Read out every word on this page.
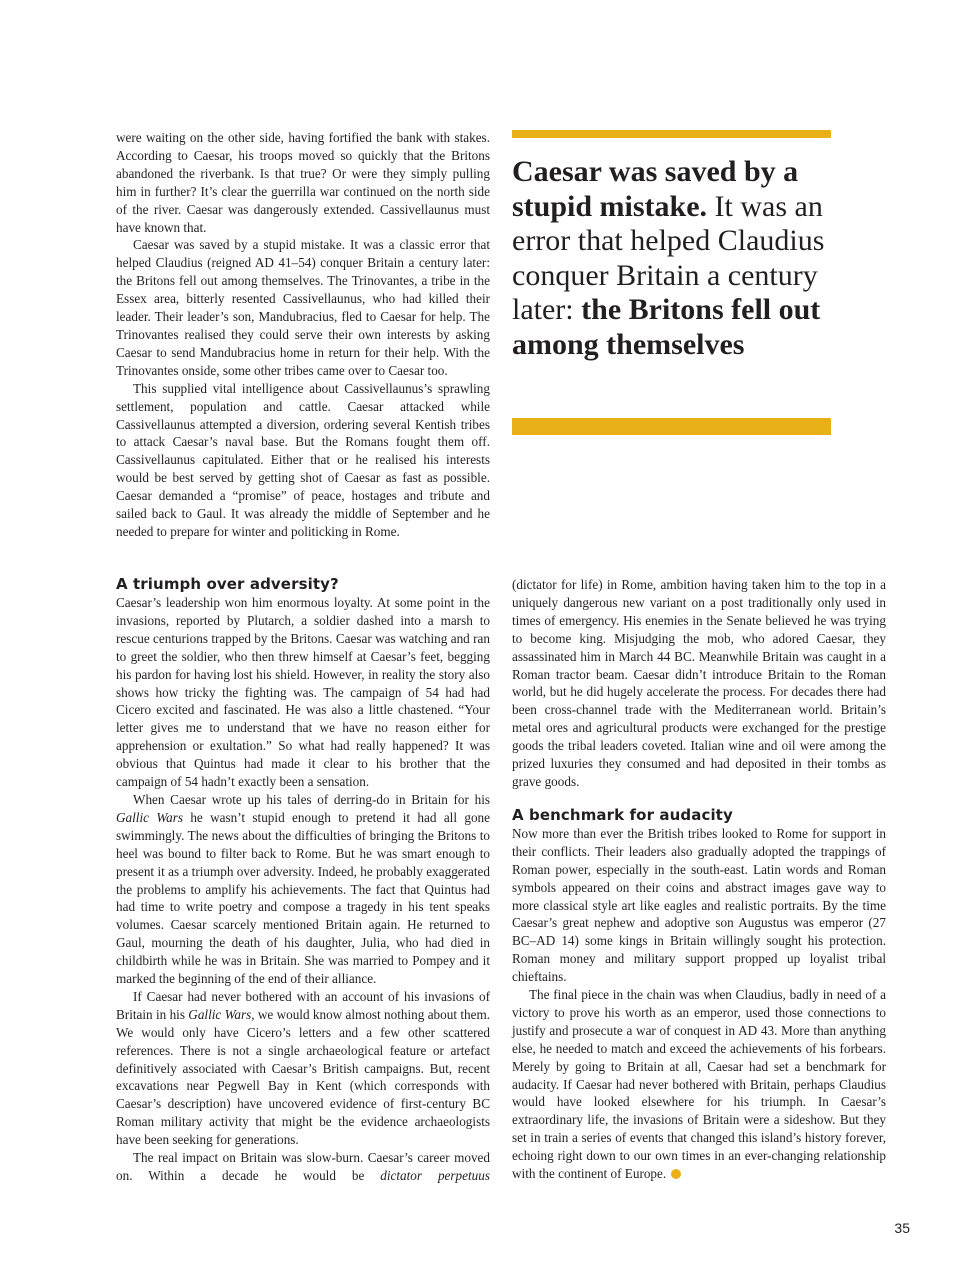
were waiting on the other side, having fortified the bank with stakes. According to Caesar, his troops moved so quickly that the Britons abandoned the riverbank. Is that true? Or were they simply pulling him in further? It’s clear the guerrilla war continued on the north side of the river. Caesar was dangerously extended. Cassivellaunus must have known that.

Caesar was saved by a stupid mistake. It was a classic error that helped Claudius (reigned AD 41–54) conquer Britain a century later: the Britons fell out among themselves. The Trinovantes, a tribe in the Essex area, bitterly resented Cassivellaunus, who had killed their leader. Their leader’s son, Mandubracius, fled to Caesar for help. The Trinovantes realised they could serve their own interests by asking Caesar to send Mandubracius home in return for their help. With the Trinovantes onside, some other tribes came over to Caesar too.

This supplied vital intelligence about Cassivellaunus’s sprawling settlement, population and cattle. Caesar attacked while Cassivellaunus attempted a diversion, ordering several Kentish tribes to attack Caesar’s naval base. But the Romans fought them off. Cassivellaunus capitulated. Either that or he realised his interests would be best served by getting shot of Caesar as fast as possible. Caesar demanded a “promise” of peace, hostages and tribute and sailed back to Gaul. It was already the middle of September and he needed to prepare for winter and politicking in Rome.

Caesar was saved by a stupid mistake. It was an error that helped Claudius conquer Britain a century later: the Britons fell out among themselves

A triumph over adversity?

Caesar’s leadership won him enormous loyalty. At some point in the invasions, reported by Plutarch, a soldier dashed into a marsh to rescue centurions trapped by the Britons. Caesar was watching and ran to greet the soldier, who then threw himself at Caesar’s feet, begging his pardon for having lost his shield. However, in reality the story also shows how tricky the fighting was. The campaign of 54 had had Cicero excited and fascinated. He was also a little chastened. “Your letter gives me to understand that we have no reason either for apprehension or exultation.” So what had really happened? It was obvious that Quintus had made it clear to his brother that the campaign of 54 hadn’t exactly been a sensation.

When Caesar wrote up his tales of derring-do in Britain for his Gallic Wars he wasn’t stupid enough to pretend it had all gone swimmingly. The news about the difficulties of bringing the Britons to heel was bound to filter back to Rome. But he was smart enough to present it as a triumph over adversity. Indeed, he probably exaggerated the problems to amplify his achievements. The fact that Quintus had had time to write poetry and compose a tragedy in his tent speaks volumes. Caesar scarcely mentioned Britain again. He returned to Gaul, mourning the death of his daughter, Julia, who had died in childbirth while he was in Britain. She was married to Pompey and it marked the beginning of the end of their alliance.

If Caesar had never bothered with an account of his invasions of Britain in his Gallic Wars, we would know almost nothing about them. We would only have Cicero’s letters and a few other scattered references. There is not a single archaeological feature or artefact definitively associated with Caesar’s British campaigns. But, recent excavations near Pegwell Bay in Kent (which corresponds with Caesar’s description) have uncovered evidence of first-century BC Roman military activity that might be the evidence archaeologists have been seeking for generations.

The real impact on Britain was slow-burn. Caesar’s career moved on. Within a decade he would be dictator perpetuus

(dictator for life) in Rome, ambition having taken him to the top in a uniquely dangerous new variant on a post traditionally only used in times of emergency. His enemies in the Senate believed he was trying to become king. Misjudging the mob, who adored Caesar, they assassinated him in March 44 BC. Meanwhile Britain was caught in a Roman tractor beam. Caesar didn’t introduce Britain to the Roman world, but he did hugely accelerate the process. For decades there had been cross-channel trade with the Mediterranean world. Britain’s metal ores and agricultural products were exchanged for the prestige goods the tribal leaders coveted. Italian wine and oil were among the prized luxuries they consumed and had deposited in their tombs as grave goods.

A benchmark for audacity

Now more than ever the British tribes looked to Rome for support in their conflicts. Their leaders also gradually adopted the trappings of Roman power, especially in the south-east. Latin words and Roman symbols appeared on their coins and abstract images gave way to more classical style art like eagles and realistic portraits. By the time Caesar’s great nephew and adoptive son Augustus was emperor (27 BC–AD 14) some kings in Britain willingly sought his protection. Roman money and military support propped up loyalist tribal chieftains.

The final piece in the chain was when Claudius, badly in need of a victory to prove his worth as an emperor, used those connections to justify and prosecute a war of conquest in AD 43. More than anything else, he needed to match and exceed the achievements of his forbears. Merely by going to Britain at all, Caesar had set a benchmark for audacity. If Caesar had never bothered with Britain, perhaps Claudius would have looked elsewhere for his triumph. In Caesar’s extraordinary life, the invasions of Britain were a sideshow. But they set in train a series of events that changed this island’s history forever, echoing right down to our own times in an ever-changing relationship with the continent of Europe.

35
